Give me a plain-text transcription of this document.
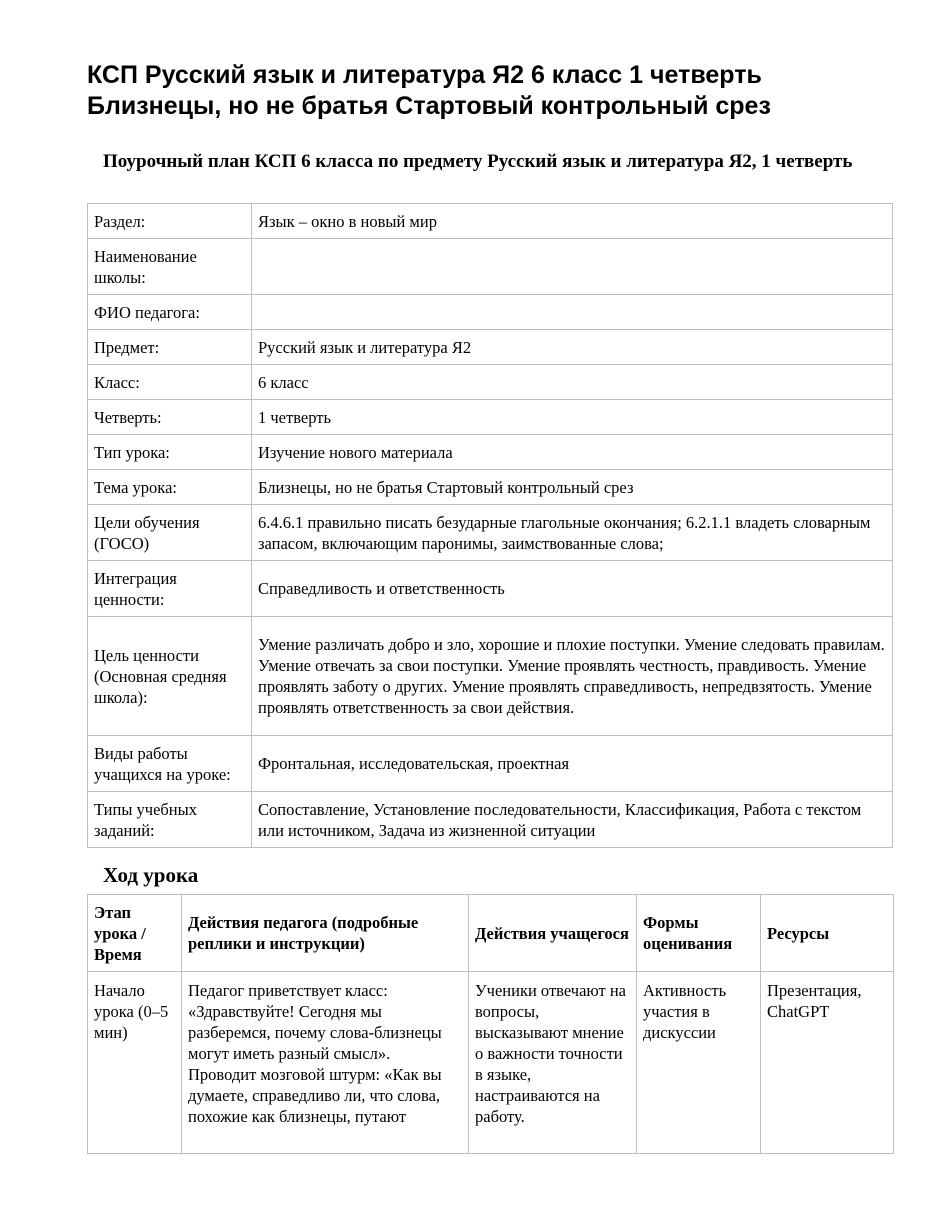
КСП Русский язык и литература Я2 6 класс 1 четверть
Близнецы, но не братья Стартовый контрольный срез
Поурочный план КСП 6 класса по предмету Русский язык и литература Я2, 1 четверть
Раздел:	Язык – окно в новый мир
Наименование школы:	
ФИО педагога:	
Предмет:	Русский язык и литература Я2
Класс:	6 класс
Четверть:	1 четверть
Тип урока:	Изучение нового материала
Тема урока:	Близнецы, но не братья Стартовый контрольный срез
Цели обучения (ГОСО)	6.4.6.1 правильно писать безударные глагольные окончания; 6.2.1.1 владеть словарным запасом, включающим паронимы, заимствованные слова;
Интеграция ценности:	Справедливость и ответственность
Цель ценности (Основная средняя школа):	Умение различать добро и зло, хорошие и плохие поступки. Умение следовать правилам. Умение отвечать за свои поступки. Умение проявлять честность, правдивость. Умение проявлять заботу о других. Умение проявлять справедливость, непредвзятость. Умение проявлять ответственность за свои действия.
Виды работы учащихся на уроке:	Фронтальная, исследовательская, проектная
Типы учебных заданий:	Сопоставление, Установление последовательности, Классификация, Работа с текстом или источником, Задача из жизненной ситуации
Ход урока
Этап урока / Время	Действия педагога (подробные реплики и инструкции)	Действия учащегося	Формы оценивания	Ресурсы
Начало урока (0–5 мин)	Педагог приветствует класс: «Здравствуйте! Сегодня мы разберемся, почему слова-близнецы могут иметь разный смысл». Проводит мозговой штурм: «Как вы думаете, справедливо ли, что слова, похожие как близнецы, путают	Ученики отвечают на вопросы, высказывают мнение о важности точности в языке, настраиваются на работу.	Активность участия в дискуссии	Презентация, ChatGPT
